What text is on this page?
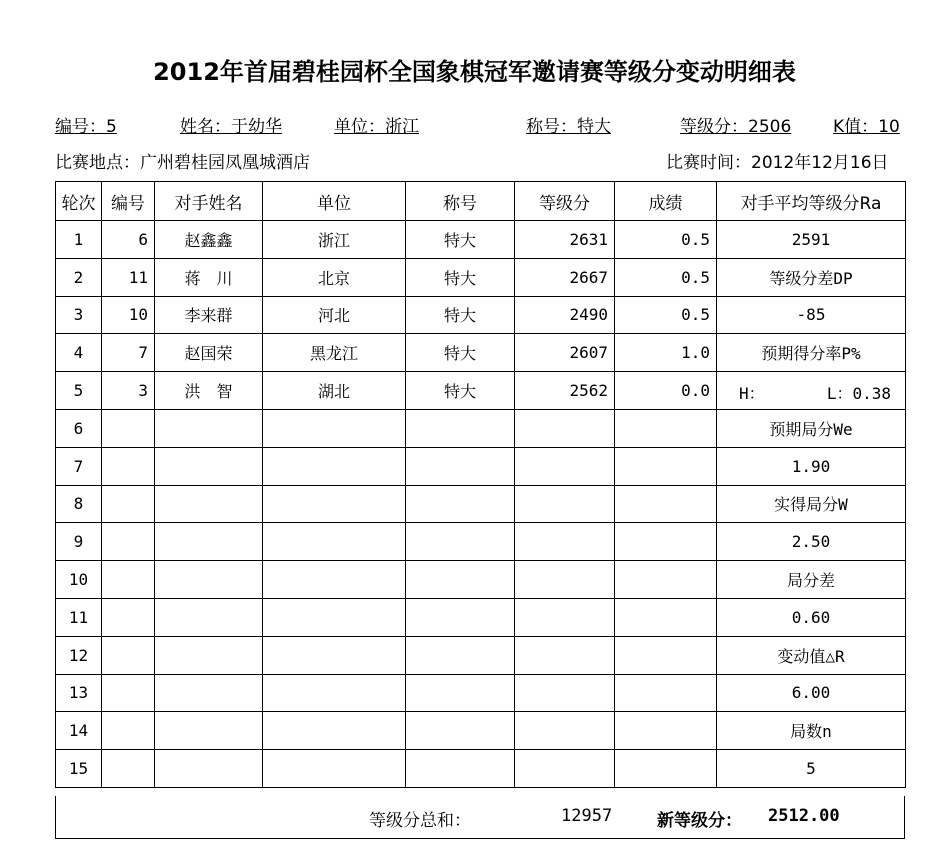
2012年首届碧桂园杯全国象棋冠军邀请赛等级分变动明细表
编号：5	姓名：于幼华	单位：浙江	称号：特大	等级分：2506 K值：10
比赛地点：广州碧桂园凤凰城酒店	比赛时间：2012年12月16日
轮次	编号	对手姓名	单位	称号	等级分	成绩	对手平均等级分Ra
1	6	赵鑫鑫	浙江	特大	2631	0.5	2591
2	11	蒋　川	北京	特大	2667	0.5	等级分差DP
3	10	李来群	河北	特大	2490	0.5	-85
4	7	赵国荣	黑龙江	特大	2607	1.0	预期得分率P%
5	3	洪　智	湖北	特大	2562	0.0	H： L：0.38

6							预期局分We
7							1.90
8							实得局分W
9							2.50
10							局分差
11							0.60
12							变动值△R
13							6.00
14							局数n
15							5
等级分总和：	12957	新等级分： 2512.00
